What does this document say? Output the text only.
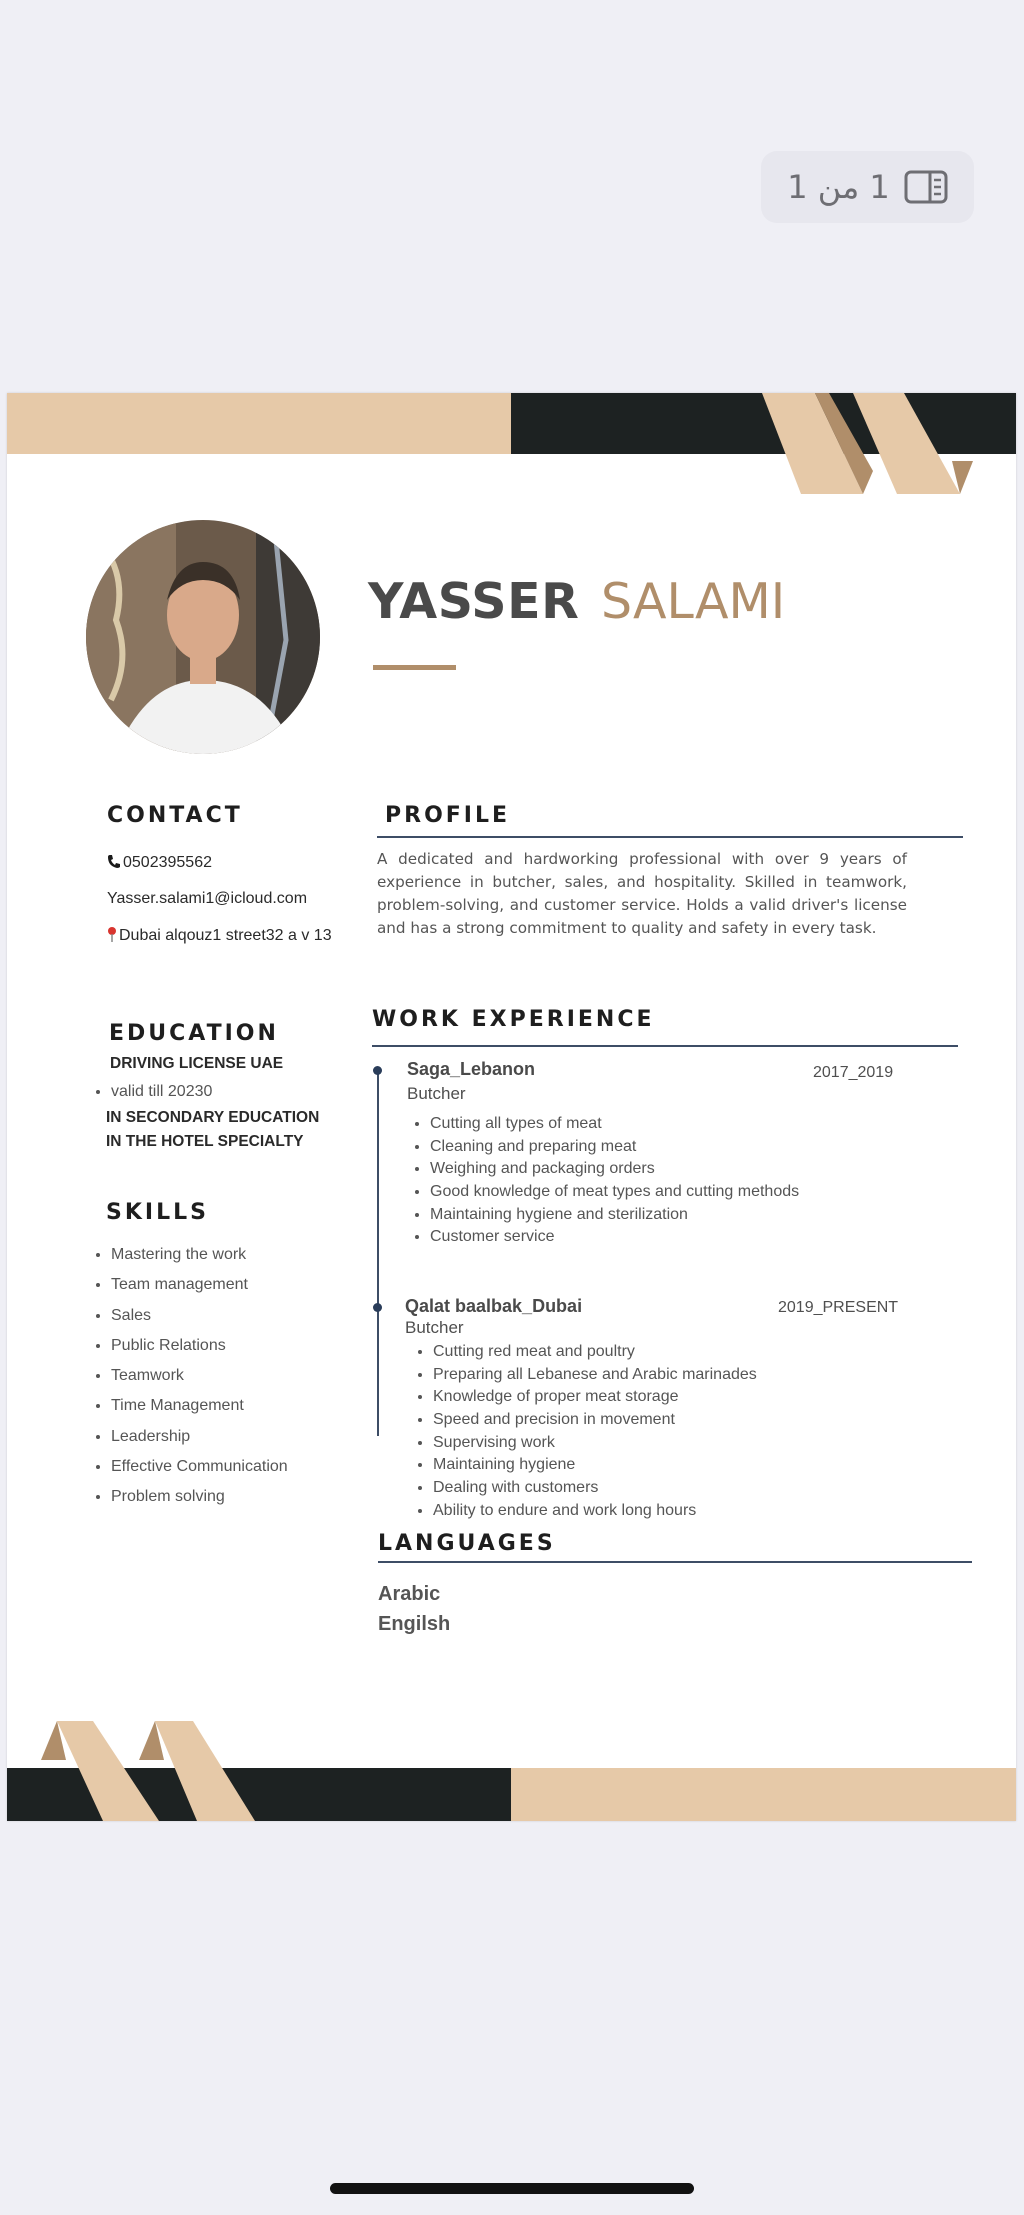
1 من 1
YASSER SALAMI
CONTACT
0502395562
Yasser.salami1@icloud.com
Dubai alqouz1 street32 a v 13
PROFILE

A dedicated and hardworking professional with over 9 years of experience in butcher, sales, and hospitality. Skilled in teamwork, problem-solving, and customer service. Holds a valid driver's license and has a strong commitment to quality and safety in every task.

EDUCATION
DRIVING LICENSE UAE
• valid till 20230
IN SECONDARY EDUCATION
IN THE HOTEL SPECIALTY
SKILLS
• Mastering the work
• Team management
• Sales
• Public Relations
• Teamwork
• Time Management
• Leadership
• Effective Communication
• Problem solving
WORK EXPERIENCE
Saga_Lebanon	2017_2019
Butcher
• Cutting all types of meat
• Cleaning and preparing meat
• Weighing and packaging orders
• Good knowledge of meat types and cutting methods
• Maintaining hygiene and sterilization
• Customer service
Qalat baalbak_Dubai	2019_PRESENT
Butcher
• Cutting red meat and poultry
• Preparing all Lebanese and Arabic marinades
• Knowledge of proper meat storage
• Speed and precision in movement
• Supervising work
• Maintaining hygiene
• Dealing with customers
• Ability to endure and work long hours
LANGUAGES
Arabic
Engilsh
